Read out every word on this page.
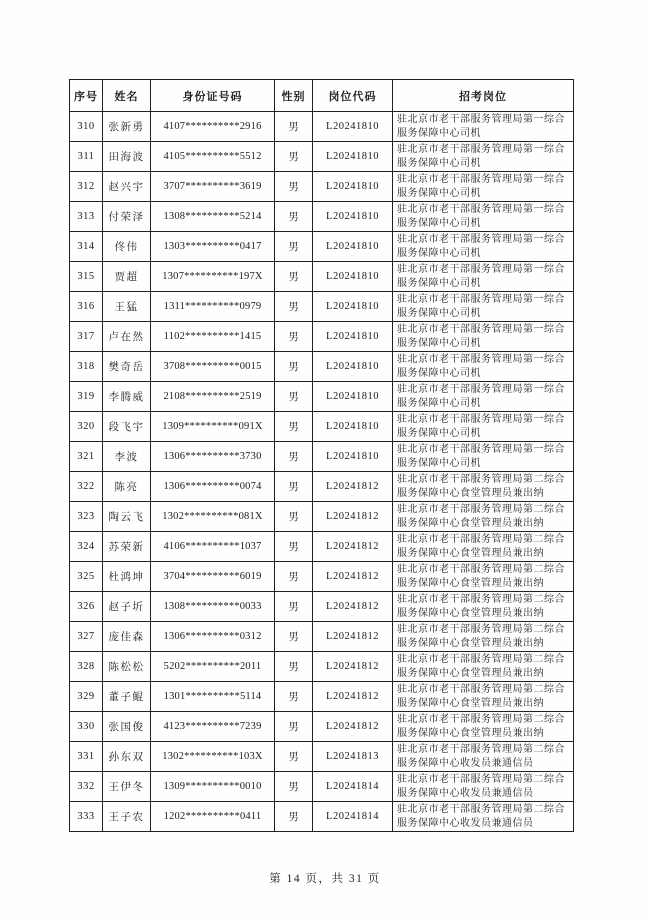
序号	姓名	身份证号码	性别	岗位代码	招考岗位
310	张新勇	4107**********2916	男	L20241810	驻北京市老干部服务管理局第一综合服务保障中心司机
311	田海波	4105**********5512	男	L20241810	驻北京市老干部服务管理局第一综合服务保障中心司机
312	赵兴宇	3707**********3619	男	L20241810	驻北京市老干部服务管理局第一综合服务保障中心司机
313	付荣泽	1308**********5214	男	L20241810	驻北京市老干部服务管理局第一综合服务保障中心司机
314	佟伟	1303**********0417	男	L20241810	驻北京市老干部服务管理局第一综合服务保障中心司机
315	贾超	1307**********197X	男	L20241810	驻北京市老干部服务管理局第一综合服务保障中心司机
316	王猛	1311**********0979	男	L20241810	驻北京市老干部服务管理局第一综合服务保障中心司机
317	卢在然	1102**********1415	男	L20241810	驻北京市老干部服务管理局第一综合服务保障中心司机
318	樊奇岳	3708**********0015	男	L20241810	驻北京市老干部服务管理局第一综合服务保障中心司机
319	李腾威	2108**********2519	男	L20241810	驻北京市老干部服务管理局第一综合服务保障中心司机
320	段飞宇	1309**********091X	男	L20241810	驻北京市老干部服务管理局第一综合服务保障中心司机
321	李波	1306**********3730	男	L20241810	驻北京市老干部服务管理局第一综合服务保障中心司机
322	陈亮	1306**********0074	男	L20241812	驻北京市老干部服务管理局第二综合服务保障中心食堂管理员兼出纳
323	陶云飞	1302**********081X	男	L20241812	驻北京市老干部服务管理局第二综合服务保障中心食堂管理员兼出纳
324	苏荣新	4106**********1037	男	L20241812	驻北京市老干部服务管理局第二综合服务保障中心食堂管理员兼出纳
325	杜鸿坤	3704**********6019	男	L20241812	驻北京市老干部服务管理局第二综合服务保障中心食堂管理员兼出纳
326	赵子圻	1308**********0033	男	L20241812	驻北京市老干部服务管理局第二综合服务保障中心食堂管理员兼出纳
327	庞佳森	1306**********0312	男	L20241812	驻北京市老干部服务管理局第二综合服务保障中心食堂管理员兼出纳
328	陈松松	5202**********2011	男	L20241812	驻北京市老干部服务管理局第二综合服务保障中心食堂管理员兼出纳
329	董子鲲	1301**********5114	男	L20241812	驻北京市老干部服务管理局第二综合服务保障中心食堂管理员兼出纳
330	张国俊	4123**********7239	男	L20241812	驻北京市老干部服务管理局第二综合服务保障中心食堂管理员兼出纳
331	孙东双	1302**********103X	男	L20241813	驻北京市老干部服务管理局第二综合服务保障中心收发员兼通信员
332	王伊冬	1309**********0010	男	L20241814	驻北京市老干部服务管理局第二综合服务保障中心收发员兼通信员
333	王子农	1202**********0411	男	L20241814	驻北京市老干部服务管理局第二综合服务保障中心收发员兼通信员
第 14 页，共 31 页
